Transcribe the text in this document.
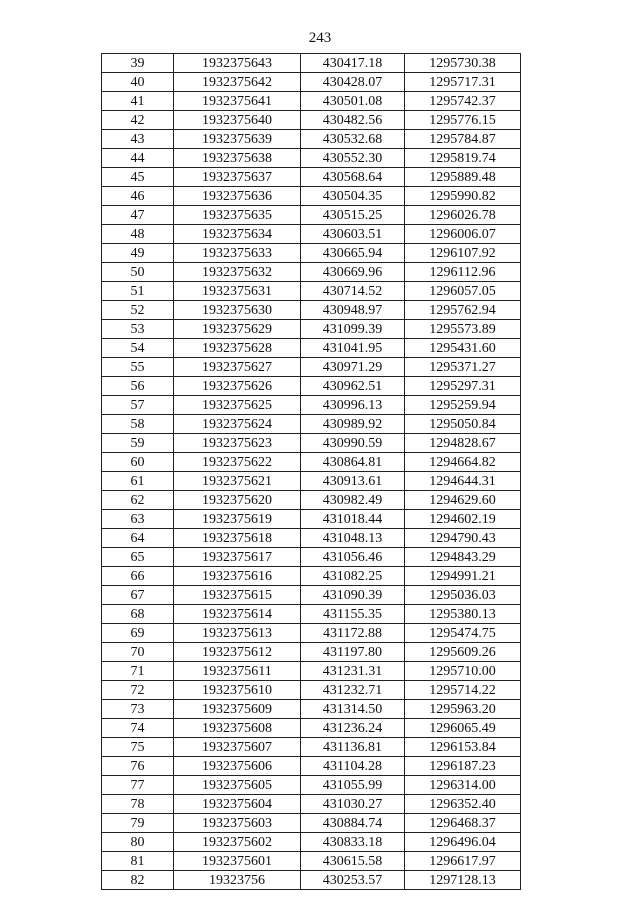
243
39	1932375643	430417.18	1295730.38
40	1932375642	430428.07	1295717.31
41	1932375641	430501.08	1295742.37
42	1932375640	430482.56	1295776.15
43	1932375639	430532.68	1295784.87
44	1932375638	430552.30	1295819.74
45	1932375637	430568.64	1295889.48
46	1932375636	430504.35	1295990.82
47	1932375635	430515.25	1296026.78
48	1932375634	430603.51	1296006.07
49	1932375633	430665.94	1296107.92
50	1932375632	430669.96	1296112.96
51	1932375631	430714.52	1296057.05
52	1932375630	430948.97	1295762.94
53	1932375629	431099.39	1295573.89
54	1932375628	431041.95	1295431.60
55	1932375627	430971.29	1295371.27
56	1932375626	430962.51	1295297.31
57	1932375625	430996.13	1295259.94
58	1932375624	430989.92	1295050.84
59	1932375623	430990.59	1294828.67
60	1932375622	430864.81	1294664.82
61	1932375621	430913.61	1294644.31
62	1932375620	430982.49	1294629.60
63	1932375619	431018.44	1294602.19
64	1932375618	431048.13	1294790.43
65	1932375617	431056.46	1294843.29
66	1932375616	431082.25	1294991.21
67	1932375615	431090.39	1295036.03
68	1932375614	431155.35	1295380.13
69	1932375613	431172.88	1295474.75
70	1932375612	431197.80	1295609.26
71	1932375611	431231.31	1295710.00
72	1932375610	431232.71	1295714.22
73	1932375609	431314.50	1295963.20
74	1932375608	431236.24	1296065.49
75	1932375607	431136.81	1296153.84
76	1932375606	431104.28	1296187.23
77	1932375605	431055.99	1296314.00
78	1932375604	431030.27	1296352.40
79	1932375603	430884.74	1296468.37
80	1932375602	430833.18	1296496.04
81	1932375601	430615.58	1296617.97
82	19323756	430253.57	1297128.13
